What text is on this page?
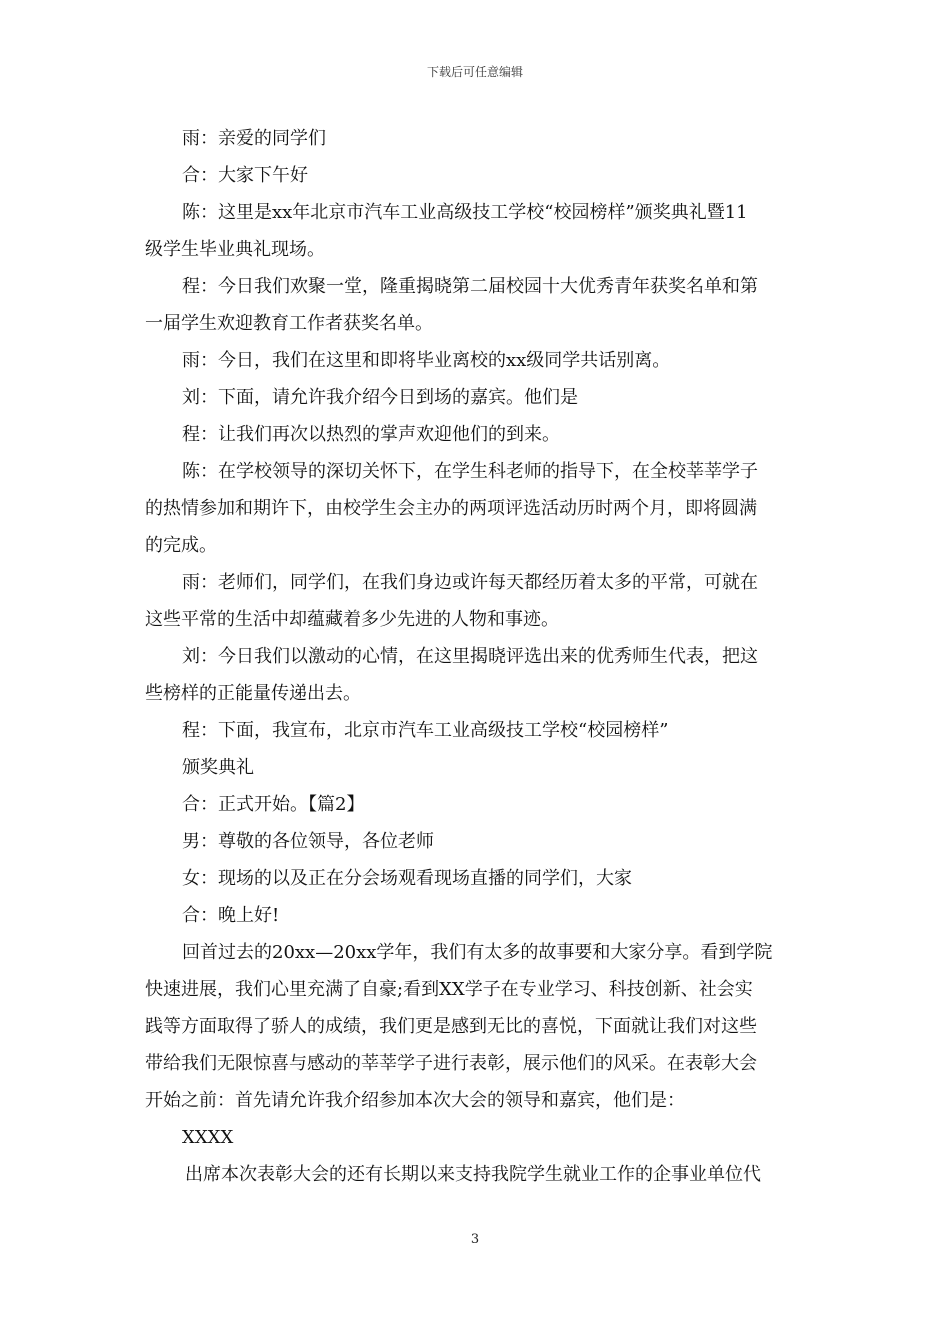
下载后可任意编辑

雨：亲爱的同学们

合：大家下午好

陈：这里是xx年北京市汽车工业高级技工学校“校园榜样”颁奖典礼暨11

级学生毕业典礼现场。

程：今日我们欢聚一堂，隆重揭晓第二届校园十大优秀青年获奖名单和第

一届学生欢迎教育工作者获奖名单。

雨：今日，我们在这里和即将毕业离校的xx级同学共话别离。

刘：下面，请允许我介绍今日到场的嘉宾。他们是

程：让我们再次以热烈的掌声欢迎他们的到来。

陈：在学校领导的深切关怀下，在学生科老师的指导下，在全校莘莘学子

的热情参加和期许下，由校学生会主办的两项评选活动历时两个月，即将圆满

的完成。

雨：老师们，同学们，在我们身边或许每天都经历着太多的平常，可就在

这些平常的生活中却蕴藏着多少先进的人物和事迹。

刘：今日我们以激动的心情，在这里揭晓评选出来的优秀师生代表，把这

些榜样的正能量传递出去。

程：下面，我宣布，北京市汽车工业高级技工学校“校园榜样”

颁奖典礼

合：正式开始。【篇2】

男：尊敬的各位领导，各位老师

女：现场的以及正在分会场观看现场直播的同学们，大家

合：晚上好!

回首过去的20xx—20xx学年，我们有太多的故事要和大家分享。看到学院

快速进展，我们心里充满了自豪;看到XX学子在专业学习、科技创新、社会实

践等方面取得了骄人的成绩，我们更是感到无比的喜悦，下面就让我们对这些

带给我们无限惊喜与感动的莘莘学子进行表彰，展示他们的风采。在表彰大会

开始之前：首先请允许我介绍参加本次大会的领导和嘉宾，他们是：

XXXX

出席本次表彰大会的还有长期以来支持我院学生就业工作的企事业单位代

3
